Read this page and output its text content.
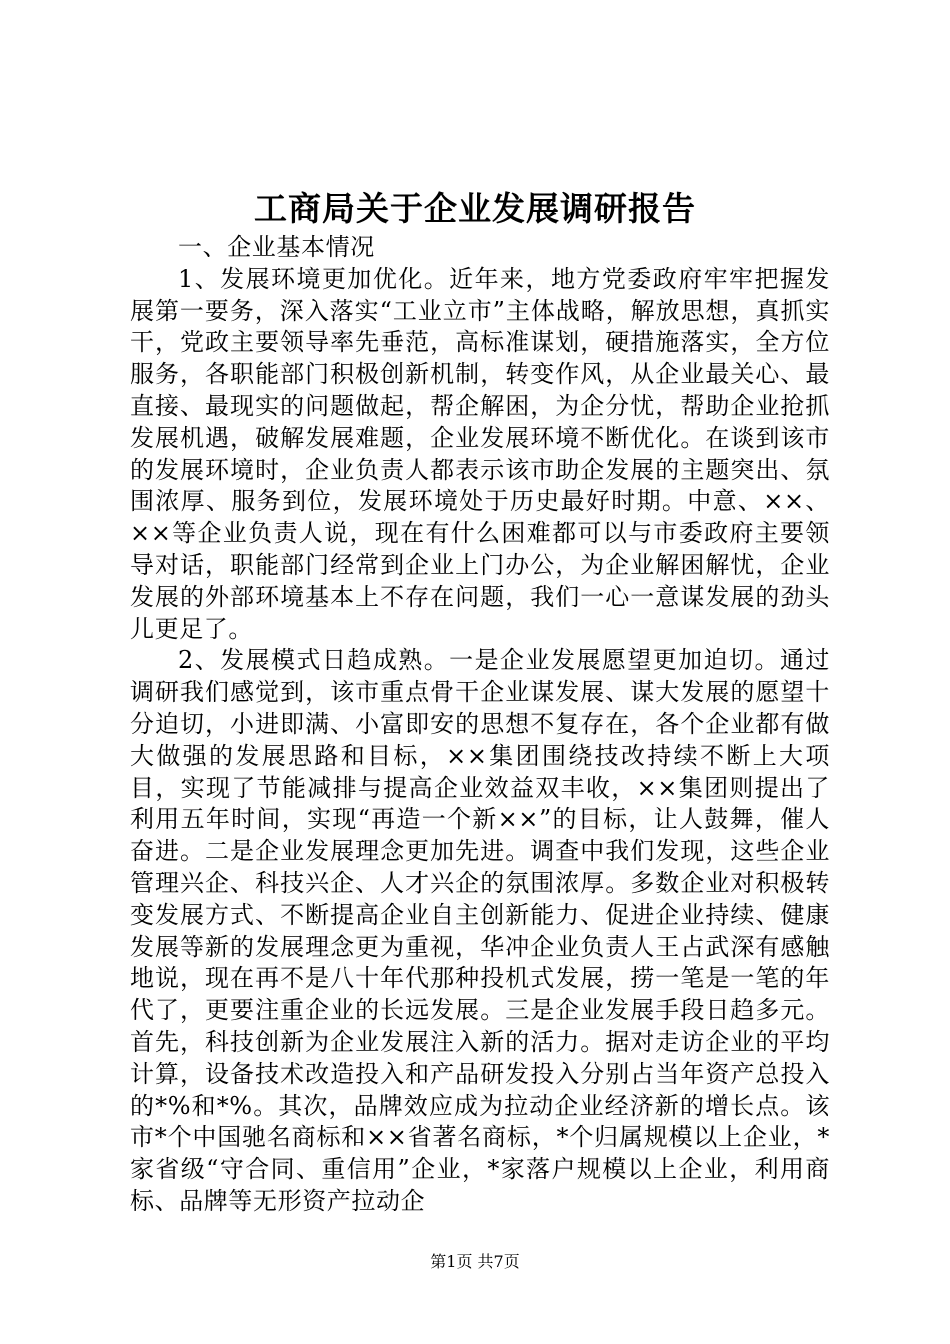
工商局关于企业发展调研报告

一、企业基本情况

1、发展环境更加优化。近年来，地方党委政府牢牢把握发展第一要务，深入落实“工业立市”主体战略，解放思想，真抓实干，党政主要领导率先垂范，高标准谋划，硬措施落实，全方位服务，各职能部门积极创新机制，转变作风，从企业最关心、最直接、最现实的问题做起，帮企解困，为企分忧，帮助企业抢抓发展机遇，破解发展难题，企业发展环境不断优化。在谈到该市的发展环境时，企业负责人都表示该市助企发展的主题突出、氛围浓厚、服务到位，发展环境处于历史最好时期。中意、××、××等企业负责人说，现在有什么困难都可以与市委政府主要领导对话，职能部门经常到企业上门办公，为企业解困解忧，企业发展的外部环境基本上不存在问题，我们一心一意谋发展的劲头儿更足了。

2、发展模式日趋成熟。一是企业发展愿望更加迫切。通过调研我们感觉到，该市重点骨干企业谋发展、谋大发展的愿望十分迫切，小进即满、小富即安的思想不复存在，各个企业都有做大做强的发展思路和目标，××集团围绕技改持续不断上大项目，实现了节能减排与提高企业效益双丰收，××集团则提出了利用五年时间，实现“再造一个新××”的目标，让人鼓舞，催人奋进。二是企业发展理念更加先进。调查中我们发现，这些企业管理兴企、科技兴企、人才兴企的氛围浓厚。多数企业对积极转变发展方式、不断提高企业自主创新能力、促进企业持续、健康发展等新的发展理念更为重视，华冲企业负责人王占武深有感触地说，现在再不是八十年代那种投机式发展，捞一笔是一笔的年代了，更要注重企业的长远发展。三是企业发展手段日趋多元。首先，科技创新为企业发展注入新的活力。据对走访企业的平均计算，设备技术改造投入和产品研发投入分别占当年资产总投入的*%和*%。其次，品牌效应成为拉动企业经济新的增长点。该市*个中国驰名商标和××省著名商标，*个归属规模以上企业，*家省级“守合同、重信用”企业，*家落户规模以上企业，利用商标、品牌等无形资产拉动企

第1页 共7页
